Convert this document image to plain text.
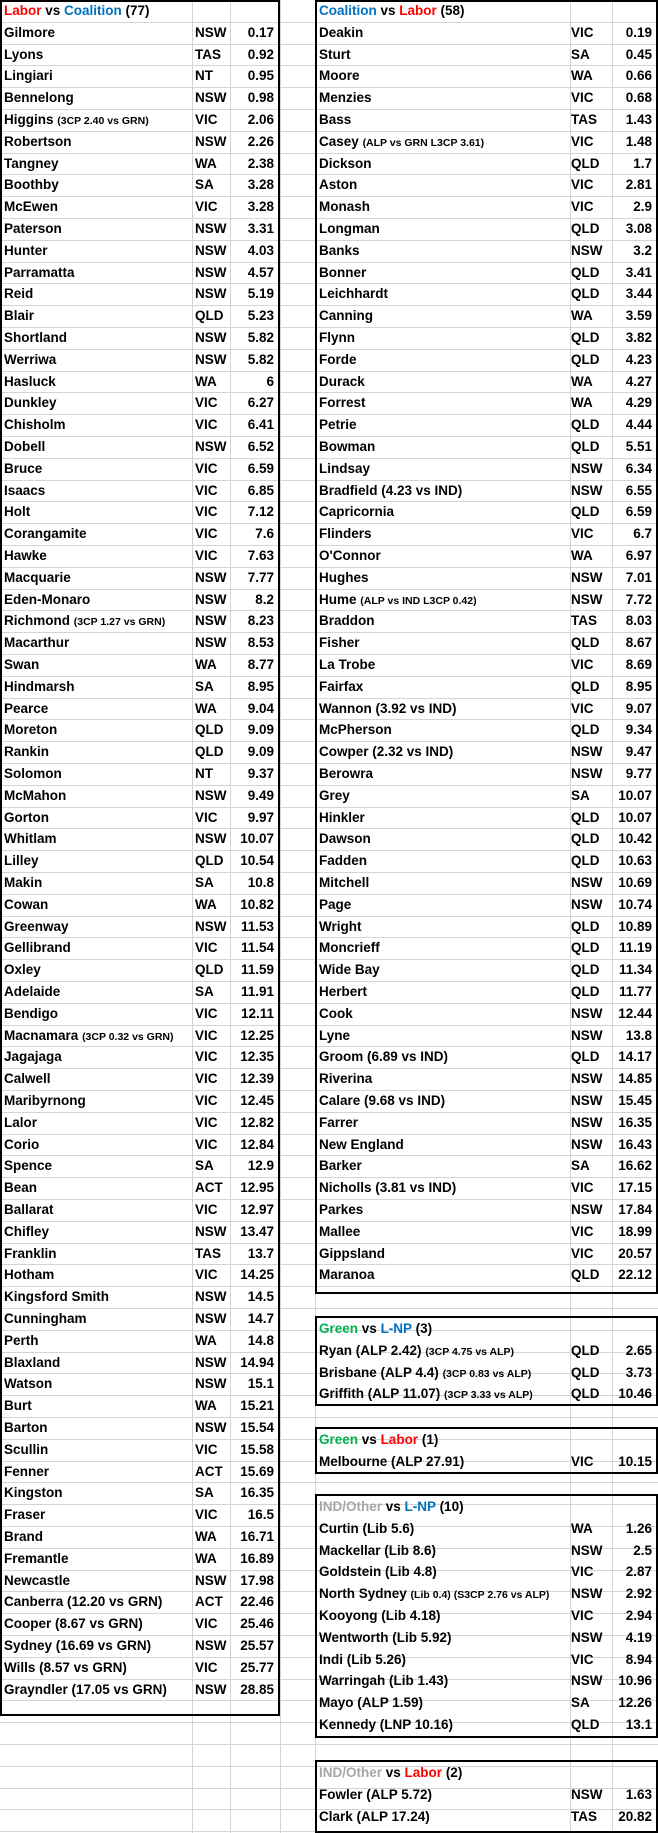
Labor vs Coalition (77)
Gilmore	NSW	0.17
Lyons	TAS	0.92
Lingiari	NT	0.95
Bennelong	NSW	0.98
Higgins (3CP 2.40 vs GRN)	VIC	2.06
Robertson	NSW	2.26
Tangney	WA	2.38
Boothby	SA	3.28
McEwen	VIC	3.28
Paterson	NSW	3.31
Hunter	NSW	4.03
Parramatta	NSW	4.57
Reid	NSW	5.19
Blair	QLD	5.23
Shortland	NSW	5.82
Werriwa	NSW	5.82
Hasluck	WA	6
Dunkley	VIC	6.27
Chisholm	VIC	6.41
Dobell	NSW	6.52
Bruce	VIC	6.59
Isaacs	VIC	6.85
Holt	VIC	7.12
Corangamite	VIC	7.6
Hawke	VIC	7.63
Macquarie	NSW	7.77
Eden-Monaro	NSW	8.2
Richmond (3CP 1.27 vs GRN) NSW	8.23
Macarthur	NSW	8.53
Swan	WA	8.77
Hindmarsh	SA	8.95
Pearce	WA	9.04
Moreton	QLD	9.09
Rankin	QLD	9.09
Solomon	NT	9.37
McMahon	NSW	9.49
Gorton	VIC	9.97
Whitlam	NSW	10.07
Lilley	QLD	10.54
Makin	SA	10.8
Cowan	WA	10.82
Greenway	NSW	11.53
Gellibrand	VIC	11.54
Oxley	QLD	11.59
Adelaide	SA	11.91
Bendigo	VIC	12.11
Macnamara (3CP 0.32 vs GRN) VIC	12.25
Jagajaga	VIC	12.35
Calwell	VIC	12.39
Maribyrnong	VIC	12.45
Lalor	VIC	12.82
Corio	VIC	12.84
Spence	SA	12.9
Bean	ACT	12.95
Ballarat	VIC	12.97
Chifley	NSW	13.47
Franklin	TAS	13.7
Hotham	VIC	14.25
Kingsford Smith	NSW	14.5
Cunningham	NSW	14.7
Perth	WA	14.8
Blaxland	NSW	14.94
Watson	NSW	15.1
Burt	WA	15.21
Barton	NSW	15.54
Scullin	VIC	15.58
Fenner	ACT	15.69
Kingston	SA	16.35
Fraser	VIC	16.5
Brand	WA	16.71
Fremantle	WA	16.89
Newcastle	NSW	17.98
Canberra (12.20 vs GRN) ACT	22.46
Cooper (8.67 vs GRN)	VIC	25.46
Sydney (16.69 vs GRN)	NSW	25.57
Wills (8.57 vs GRN)	VIC	25.77
Grayndler (17.05 vs GRN) NSW	28.85
Coalition vs Labor (58)
Deakin	VIC	0.19
Sturt	SA	0.45
Moore	WA	0.66
Menzies	VIC	0.68
Bass	TAS	1.43
Casey (ALP vs GRN L3CP 3.61)	VIC	1.48
Dickson	QLD	1.7
Aston	VIC	2.81
Monash	VIC	2.9
Longman	QLD	3.08
Banks	NSW	3.2
Bonner	QLD	3.41
Leichhardt	QLD	3.44
Canning	WA	3.59
Flynn	QLD	3.82
Forde	QLD	4.23
Durack	WA	4.27
Forrest	WA	4.29
Petrie	QLD	4.44
Bowman	QLD	5.51
Lindsay	NSW	6.34
Bradfield (4.23 vs IND)	NSW	6.55
Capricornia	QLD	6.59
Flinders	VIC	6.7
O'Connor	WA	6.97
Hughes	NSW	7.01
Hume (ALP vs IND L3CP 0.42)	NSW	7.72
Braddon	TAS	8.03
Fisher	QLD	8.67
La Trobe	VIC	8.69
Fairfax	QLD	8.95
Wannon (3.92 vs IND)	VIC	9.07
McPherson	QLD	9.34
Cowper (2.32 vs IND)	NSW	9.47
Berowra	NSW	9.77
Grey	SA	10.07
Hinkler	QLD	10.07
Dawson	QLD	10.42
Fadden	QLD	10.63
Mitchell	NSW	10.69
Page	NSW	10.74
Wright	QLD	10.89
Moncrieff	QLD	11.19
Wide Bay	QLD	11.34
Herbert	QLD	11.77
Cook	NSW	12.44
Lyne	NSW	13.8
Groom (6.89 vs IND)	QLD	14.17
Riverina	NSW	14.85
Calare (9.68 vs IND)	NSW	15.45
Farrer	NSW	16.35
New England	NSW	16.43
Barker	SA	16.62
Nicholls (3.81 vs IND)	VIC	17.15
Parkes	NSW	17.84
Mallee	VIC	18.99
Gippsland	VIC	20.57
Maranoa	QLD	22.12
Green vs L-NP (3)
Ryan (ALP 2.42) (3CP 4.75 vs ALP)	QLD	2.65
Brisbane (ALP 4.4) (3CP 0.83 vs ALP)	QLD	3.73
Griffith (ALP 11.07) (3CP 3.33 vs ALP)	QLD	10.46
Green vs Labor (1)
Melbourne (ALP 27.91)	VIC	10.15
IND/Other vs L-NP (10)
Curtin (Lib 5.6)	WA	1.26
Mackellar (Lib 8.6)	NSW	2.5
Goldstein (Lib 4.8)	VIC	2.87
North Sydney (Lib 0.4) (S3CP 2.76 vs ALP) NSW	2.92
Kooyong (Lib 4.18)	VIC	2.94
Wentworth (Lib 5.92)	NSW	4.19
Indi (Lib 5.26)	VIC	8.94
Warringah (Lib 1.43)	NSW	10.96
Mayo (ALP 1.59)	SA	12.26
Kennedy (LNP 10.16)	QLD	13.1
IND/Other vs Labor (2)
Fowler (ALP 5.72)	NSW	1.63
Clark (ALP 17.24)	TAS	20.82
